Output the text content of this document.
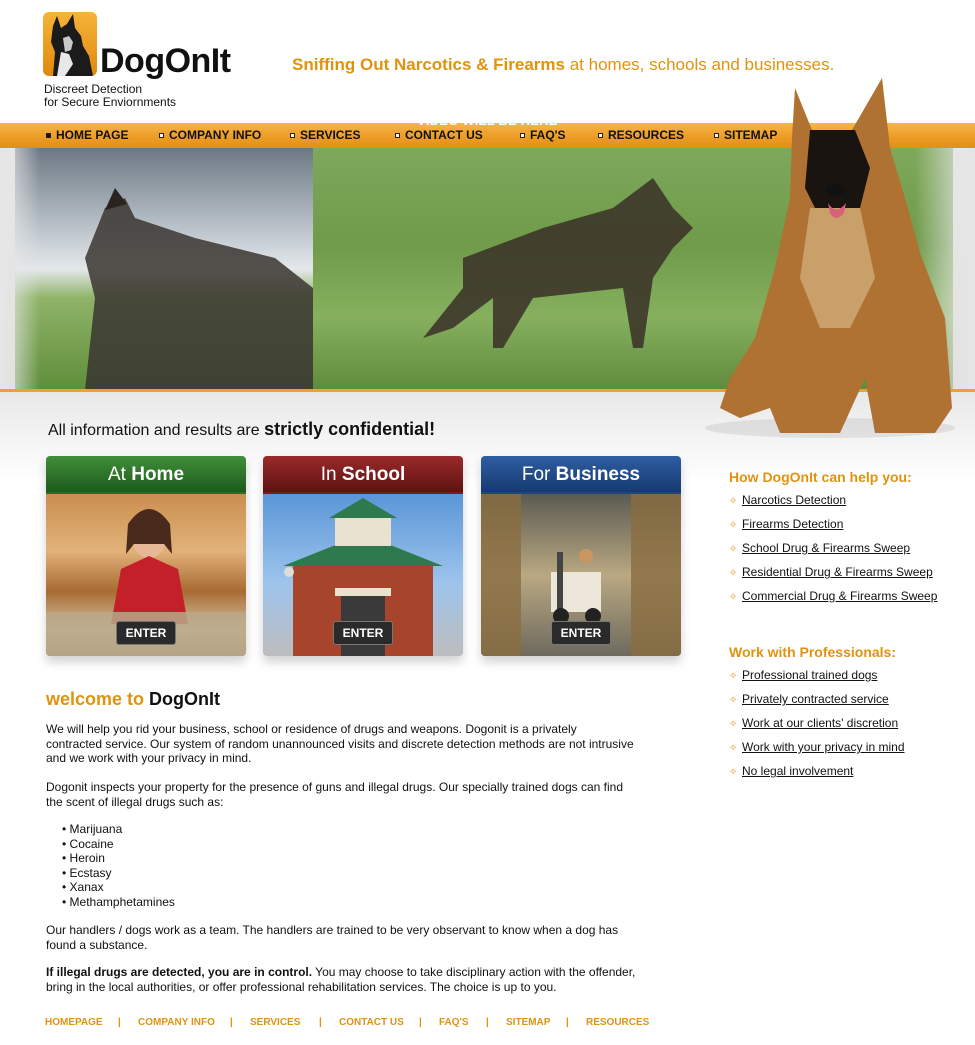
DogOnIt
Discreet Detection
for Secure Enviornments
Sniffing Out Narcotics & Firearms at homes, schools and businesses.
HOME PAGE	COMPANY INFO	SERVICES	CONTACT US	FAQ'S	RESOURCES	SITEMAP
VIDEO WILL BE HERE
All information and results are strictly confidential!
At Home
ENTER
In School
ENTER
For Business
ENTER
How DogOnIt can help you:
✧ Narcotics Detection
✧ Firearms Detection
✧ School Drug & Firearms Sweep
✧ Residential Drug & Firearms Sweep
✧ Commercial Drug & Firearms Sweep
Work with Professionals:
✧ Professional trained dogs
✧ Privately contracted service
✧ Work at our clients' discretion
✧ Work with your privacy in mind
✧ No legal involvement
welcome to DogOnIt

We will help you rid your business, school or residence of drugs and weapons. Dogonit is a privately contracted service. Our system of random unannounced visits and discrete detection methods are not intrusive and we work with your privacy in mind.

Dogonit inspects your property for the presence of guns and illegal drugs. Our specially trained dogs can find the scent of illegal drugs such as:

• Marijuana
• Cocaine
• Heroin
• Ecstasy
• Xanax
• Methamphetamines

Our handlers / dogs work as a team. The handlers are trained to be very observant to know when a dog has found a substance.

If illegal drugs are detected, you are in control. You may choose to take disciplinary action with the offender, bring in the local authorities, or offer professional rehabilitation services. The choice is up to you.

HOMEPAGE | COMPANY INFO | SERVICES | CONTACT US | FAQ'S | SITEMAP | RESOURCES
